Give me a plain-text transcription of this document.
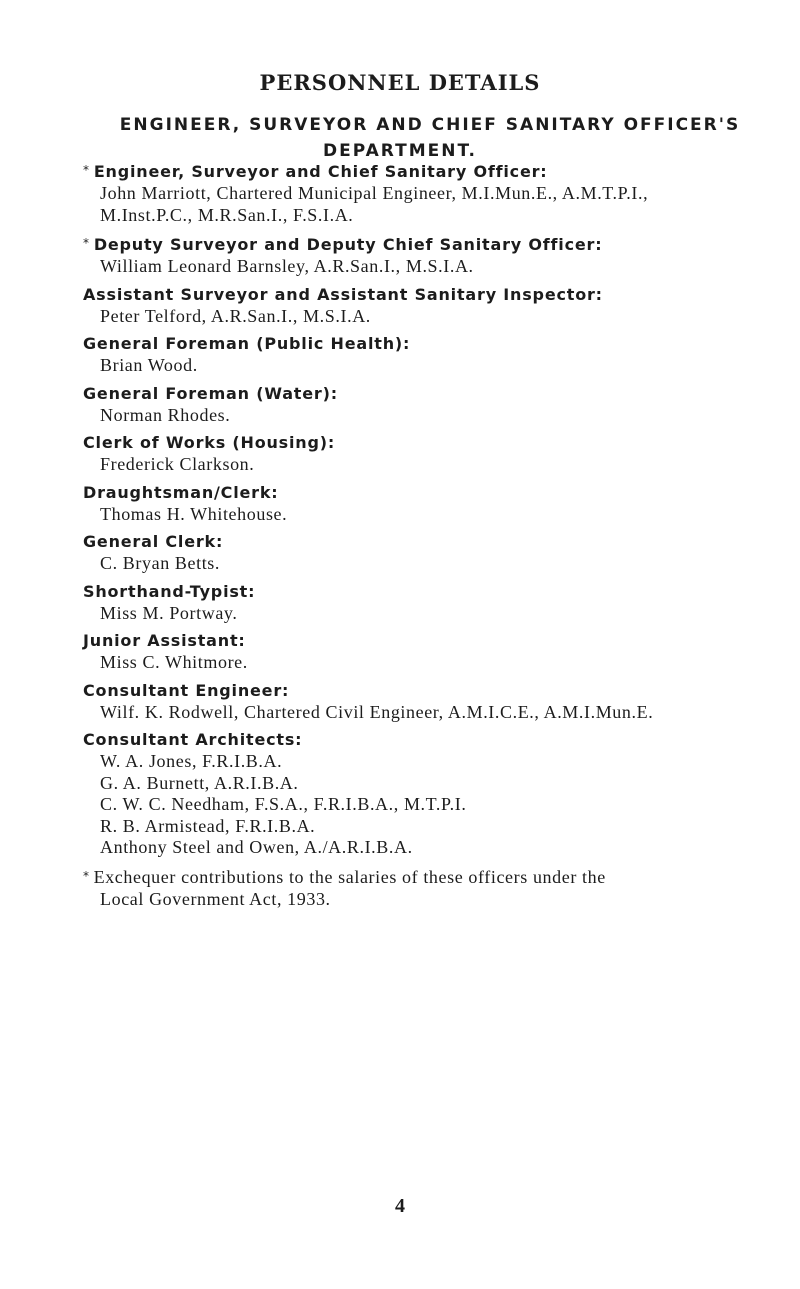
PERSONNEL DETAILS
ENGINEER, SURVEYOR AND CHIEF SANITARY OFFICER'S
DEPARTMENT.
* Engineer, Surveyor and Chief Sanitary Officer:
John Marriott, Chartered Municipal Engineer, M.I.Mun.E., A.M.T.P.I.,
M.Inst.P.C., M.R.San.I., F.S.I.A.
* Deputy Surveyor and Deputy Chief Sanitary Officer:
William Leonard Barnsley, A.R.San.I., M.S.I.A.
Assistant Surveyor and Assistant Sanitary Inspector:
Peter Telford, A.R.San.I., M.S.I.A.
General Foreman (Public Health):
Brian Wood.
General Foreman (Water):
Norman Rhodes.
Clerk of Works (Housing):
Frederick Clarkson.
Draughtsman/Clerk:
Thomas H. Whitehouse.
General Clerk:
C. Bryan Betts.
Shorthand-Typist:
Miss M. Portway.
Junior Assistant:
Miss C. Whitmore.
Consultant Engineer:
Wilf. K. Rodwell, Chartered Civil Engineer, A.M.I.C.E., A.M.I.Mun.E.
Consultant Architects:
W. A. Jones, F.R.I.B.A.
G. A. Burnett, A.R.I.B.A.
C. W. C. Needham, F.S.A., F.R.I.B.A., M.T.P.I.
R. B. Armistead, F.R.I.B.A.
Anthony Steel and Owen, A./A.R.I.B.A.
* Exchequer contributions to the salaries of these officers under the
Local Government Act, 1933.
4
